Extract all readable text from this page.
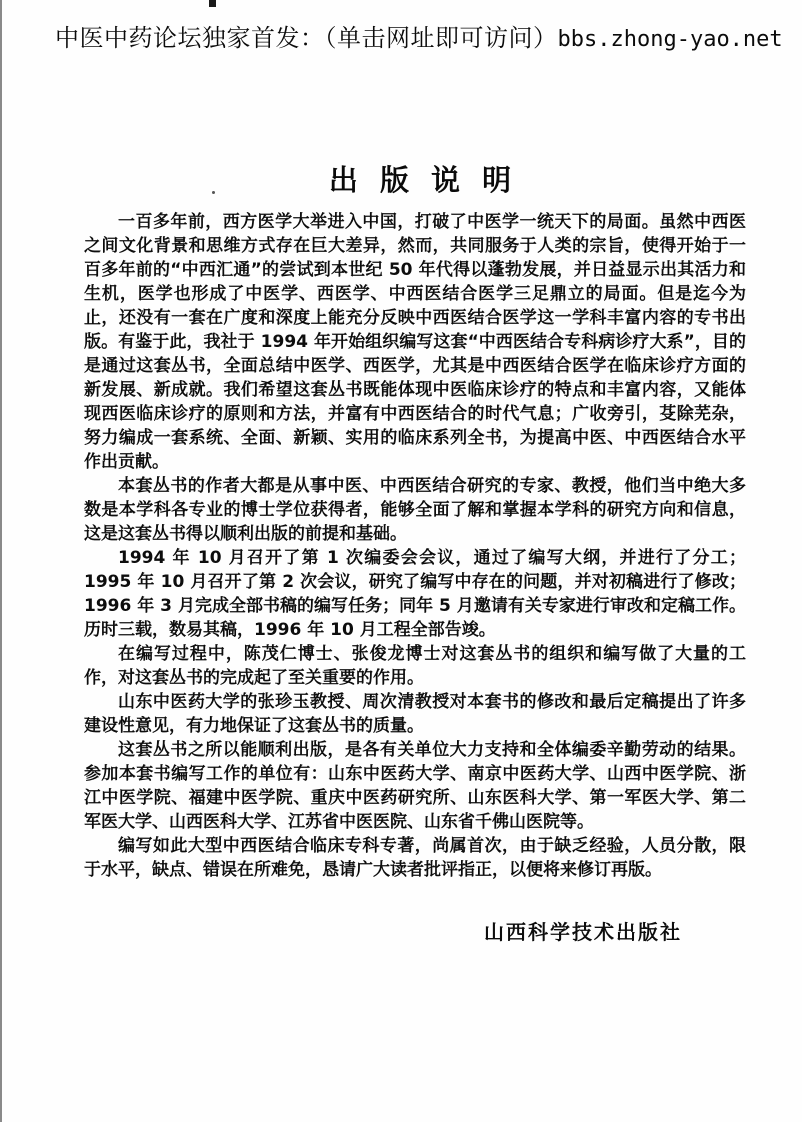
中医中药论坛独家首发：（单击网址即可访问）bbs.zhong-yao.net
出 版 说 明

一百多年前，西方医学大举进入中国，打破了中医学一统天下的局面。虽然中西医之间文化背景和思维方式存在巨大差异，然而，共同服务于人类的宗旨，使得开始于一百多年前的“中西汇通”的尝试到本世纪 50 年代得以蓬勃发展，并日益显示出其活力和生机，医学也形成了中医学、西医学、中西医结合医学三足鼎立的局面。但是迄今为止，还没有一套在广度和深度上能充分反映中西医结合医学这一学科丰富内容的专书出版。有鉴于此，我社于 1994 年开始组织编写这套“中西医结合专科病诊疗大系”，目的是通过这套丛书，全面总结中医学、西医学，尤其是中西医结合医学在临床诊疗方面的新发展、新成就。我们希望这套丛书既能体现中医临床诊疗的特点和丰富内容，又能体现西医临床诊疗的原则和方法，并富有中西医结合的时代气息；广收旁引，芟除芜杂，努力编成一套系统、全面、新颖、实用的临床系列全书，为提高中医、中西医结合水平作出贡献。

本套丛书的作者大都是从事中医、中西医结合研究的专家、教授，他们当中绝大多数是本学科各专业的博士学位获得者，能够全面了解和掌握本学科的研究方向和信息，这是这套丛书得以顺利出版的前提和基础。

1994 年 10 月召开了第 1 次编委会会议，通过了编写大纲，并进行了分工；1995 年 10 月召开了第 2 次会议，研究了编写中存在的问题，并对初稿进行了修改；1996 年 3 月完成全部书稿的编写任务；同年 5 月邀请有关专家进行审改和定稿工作。历时三载，数易其稿，1996 年 10 月工程全部告竣。

在编写过程中，陈茂仁博士、张俊龙博士对这套丛书的组织和编写做了大量的工作，对这套丛书的完成起了至关重要的作用。

山东中医药大学的张珍玉教授、周次清教授对本套书的修改和最后定稿提出了许多建设性意见，有力地保证了这套丛书的质量。

这套丛书之所以能顺利出版，是各有关单位大力支持和全体编委辛勤劳动的结果。参加本套书编写工作的单位有：山东中医药大学、南京中医药大学、山西中医学院、浙江中医学院、福建中医学院、重庆中医药研究所、山东医科大学、第一军医大学、第二军医大学、山西医科大学、江苏省中医医院、山东省千佛山医院等。

编写如此大型中西医结合临床专科专著，尚属首次，由于缺乏经验，人员分散，限于水平，缺点、错误在所难免，恳请广大读者批评指正，以便将来修订再版。

山西科学技术出版社
